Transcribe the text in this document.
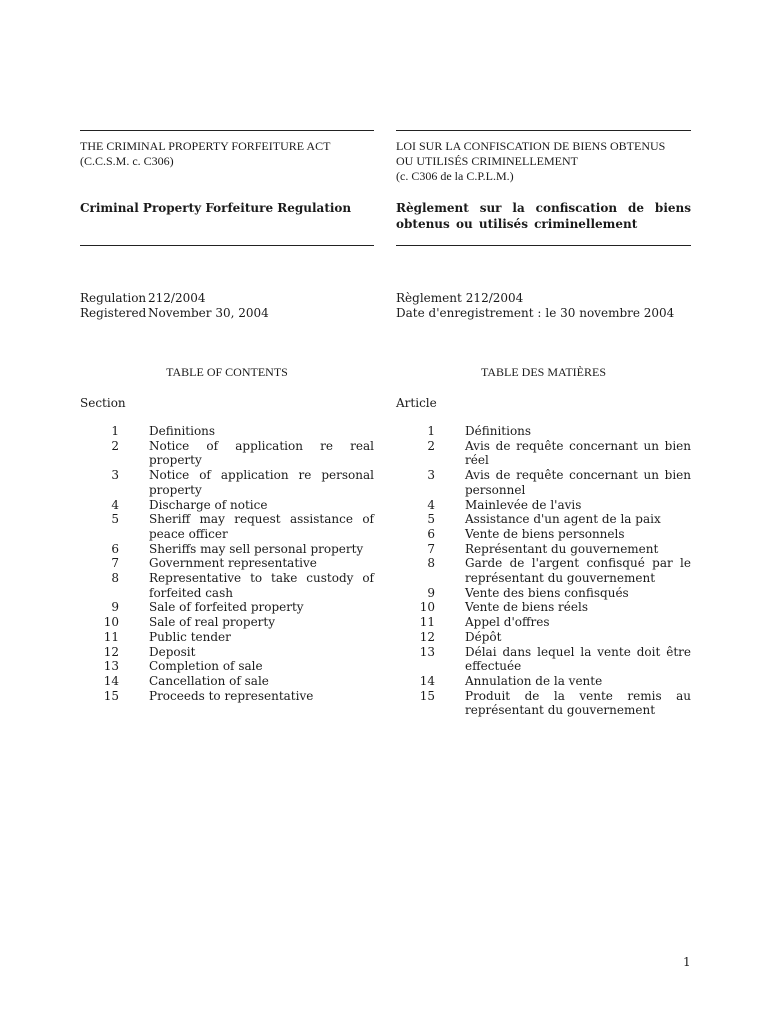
THE CRIMINAL PROPERTY FORFEITURE ACT
(C.C.S.M. c. C306)
Criminal Property Forfeiture Regulation
Regulation 212/2004
Registered November 30, 2004
TABLE OF CONTENTS
Section
1	Definitions
2	Notice of application re real property
3	Notice of application re personal property
4	Discharge of notice
5	Sheriff may request assistance of peace officer
6	Sheriffs may sell personal property
7	Government representative
8	Representative to take custody of forfeited cash
9	Sale of forfeited property
10	Sale of real property
11	Public tender
12	Deposit
13	Completion of sale
14	Cancellation of sale
15	Proceeds to representative
LOI SUR LA CONFISCATION DE BIENS OBTENUS
OU UTILISÉS CRIMINELLEMENT
(c. C306 de la C.P.L.M.)
Règlement sur la confiscation de biens obtenus ou utilisés criminellement
Règlement 212/2004
Date d'enregistrement : le 30 novembre 2004
TABLE DES MATIÈRES
Article
1	Définitions
2	Avis de requête concernant un bien réel
3	Avis de requête concernant un bien personnel
4	Mainlevée de l'avis
5	Assistance d'un agent de la paix
6	Vente de biens personnels
7	Représentant du gouvernement
8	Garde de l'argent confisqué par le représentant du gouvernement
9	Vente des biens confisqués
10	Vente de biens réels
11	Appel d'offres
12	Dépôt
13	Délai dans lequel la vente doit être effectuée
14	Annulation de la vente
15	Produit de la vente remis au représentant du gouvernement
1
